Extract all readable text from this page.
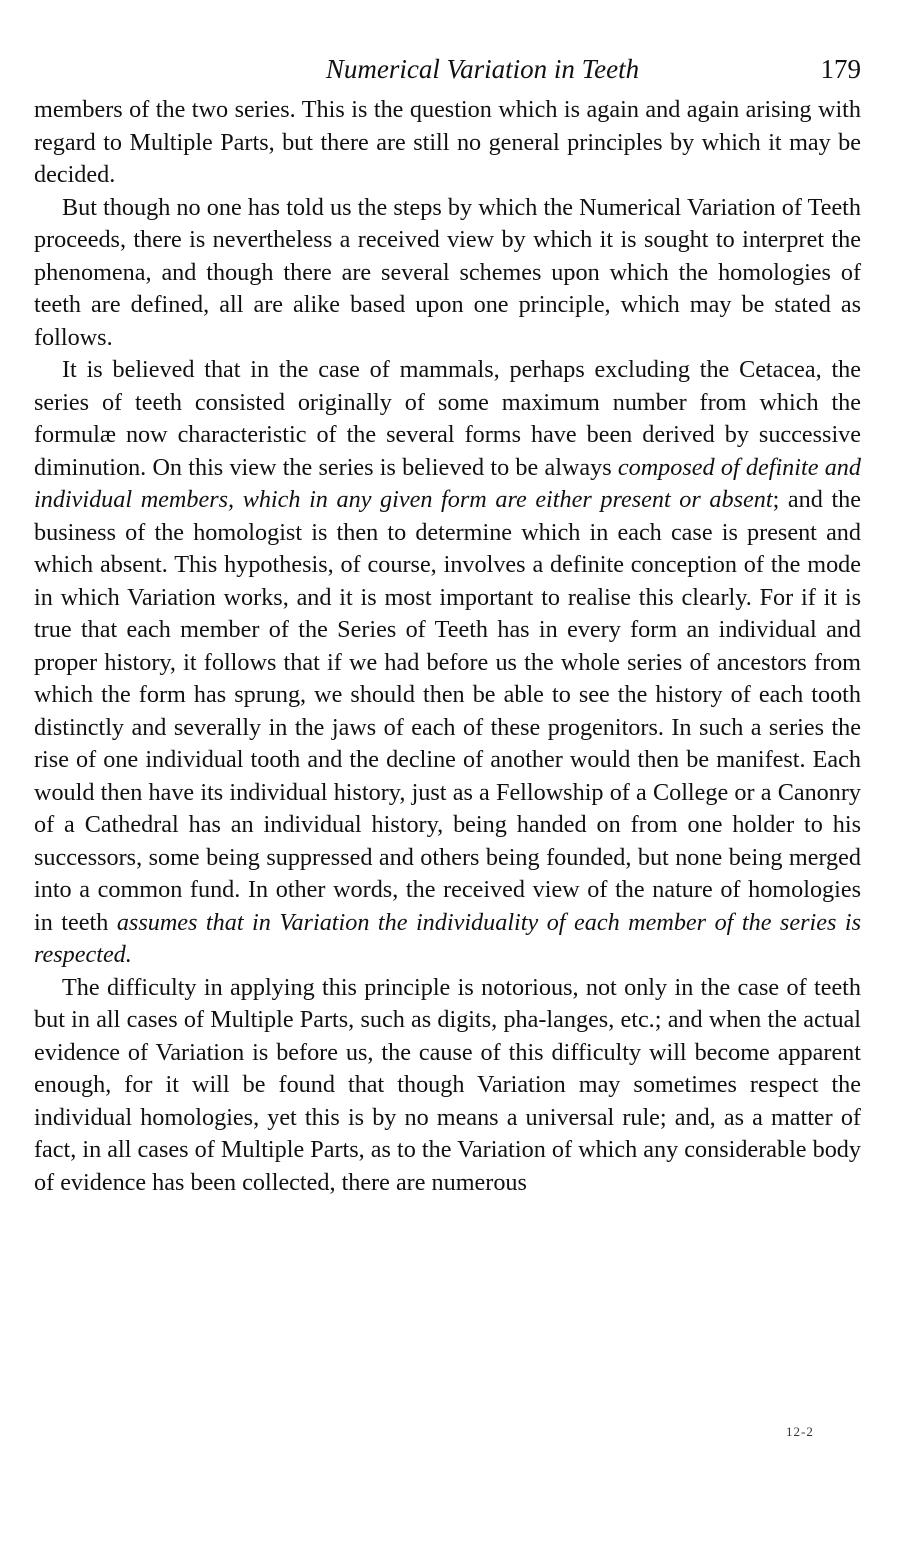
Numerical Variation in Teeth	179

members of the two series. This is the question which is again and again arising with regard to Multiple Parts, but there are still no general principles by which it may be decided.

But though no one has told us the steps by which the Numerical Variation of Teeth proceeds, there is nevertheless a received view by which it is sought to interpret the phenomena, and though there are several schemes upon which the homologies of teeth are defined, all are alike based upon one principle, which may be stated as follows.

It is believed that in the case of mammals, perhaps excluding the Cetacea, the series of teeth consisted originally of some maximum number from which the formulæ now characteristic of the several forms have been derived by successive diminution. On this view the series is believed to be always composed of definite and individual members, which in any given form are either present or absent; and the business of the homologist is then to determine which in each case is present and which absent. This hypothesis, of course, involves a definite conception of the mode in which Variation works, and it is most important to realise this clearly. For if it is true that each member of the Series of Teeth has in every form an individual and proper history, it follows that if we had before us the whole series of ancestors from which the form has sprung, we should then be able to see the history of each tooth distinctly and severally in the jaws of each of these progenitors. In such a series the rise of one individual tooth and the decline of another would then be manifest. Each would then have its individual history, just as a Fellowship of a College or a Canonry of a Cathedral has an individual history, being handed on from one holder to his successors, some being suppressed and others being founded, but none being merged into a common fund. In other words, the received view of the nature of homologies in teeth assumes that in Variation the individuality of each member of the series is respected.

The difficulty in applying this principle is notorious, not only in the case of teeth but in all cases of Multiple Parts, such as digits, pha-langes, etc.; and when the actual evidence of Variation is before us, the cause of this difficulty will become apparent enough, for it will be found that though Variation may sometimes respect the individual homologies, yet this is by no means a universal rule; and, as a matter of fact, in all cases of Multiple Parts, as to the Variation of which any considerable body of evidence has been collected, there are numerous

12-2
